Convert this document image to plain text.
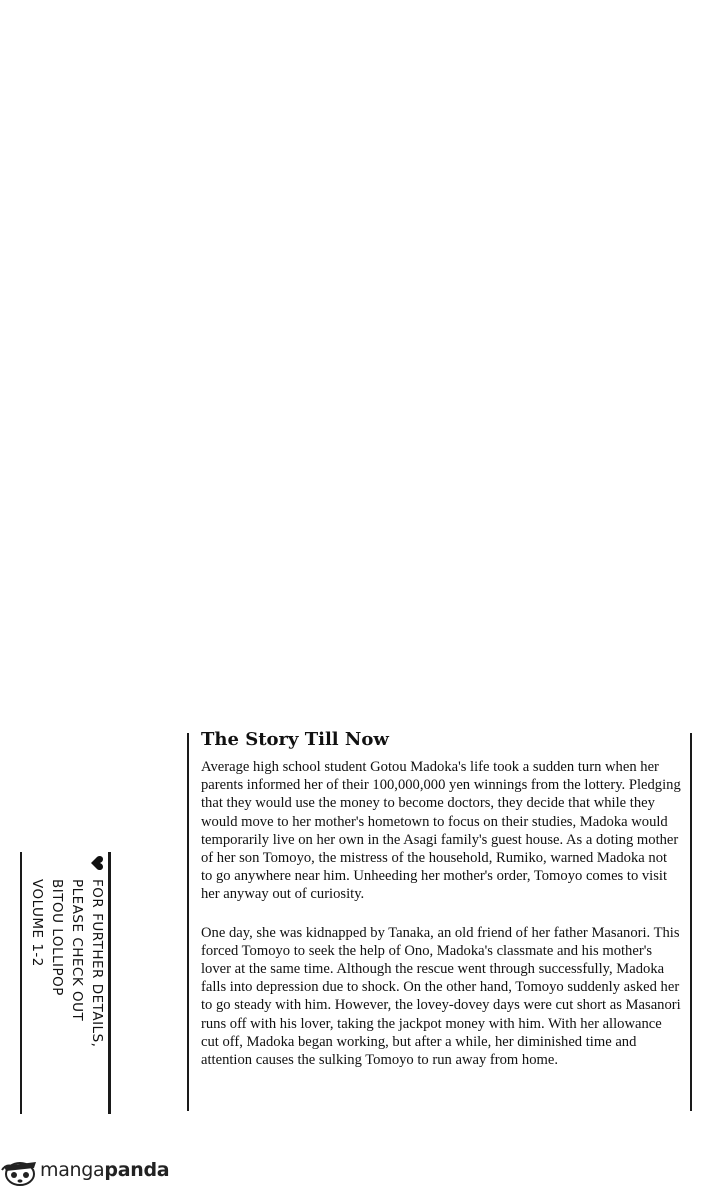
The Story Till Now

Average high school student Gotou Madoka's life took a sudden turn when her parents informed her of their 100,000,000 yen winnings from the lottery. Pledging that they would use the money to become doctors, they decide that while they would move to her mother's hometown to focus on their studies, Madoka would temporarily live on her own in the Asagi family's guest house. As a doting mother of her son Tomoyo, the mistress of the household, Rumiko, warned Madoka not to go anywhere near him. Unheeding her mother's order, Tomoyo comes to visit her anyway out of curiosity.

One day, she was kidnapped by Tanaka, an old friend of her father Masanori. This forced Tomoyo to seek the help of Ono, Madoka's classmate and his mother's lover at the same time. Although the rescue went through successfully, Madoka falls into depression due to shock. On the other hand, Tomoyo suddenly asked her to go steady with him. However, the lovey-dovey days were cut short as Masanori runs off with his lover, taking the jackpot money with him. With her allowance cut off, Madoka began working, but after a while, her diminished time and attention causes the sulking Tomoyo to run away from home.

FOR FURTHER DETAILS,
PLEASE CHECK OUT
BITOU LOLLIPOP
VOLUME 1-2
mangapanda
